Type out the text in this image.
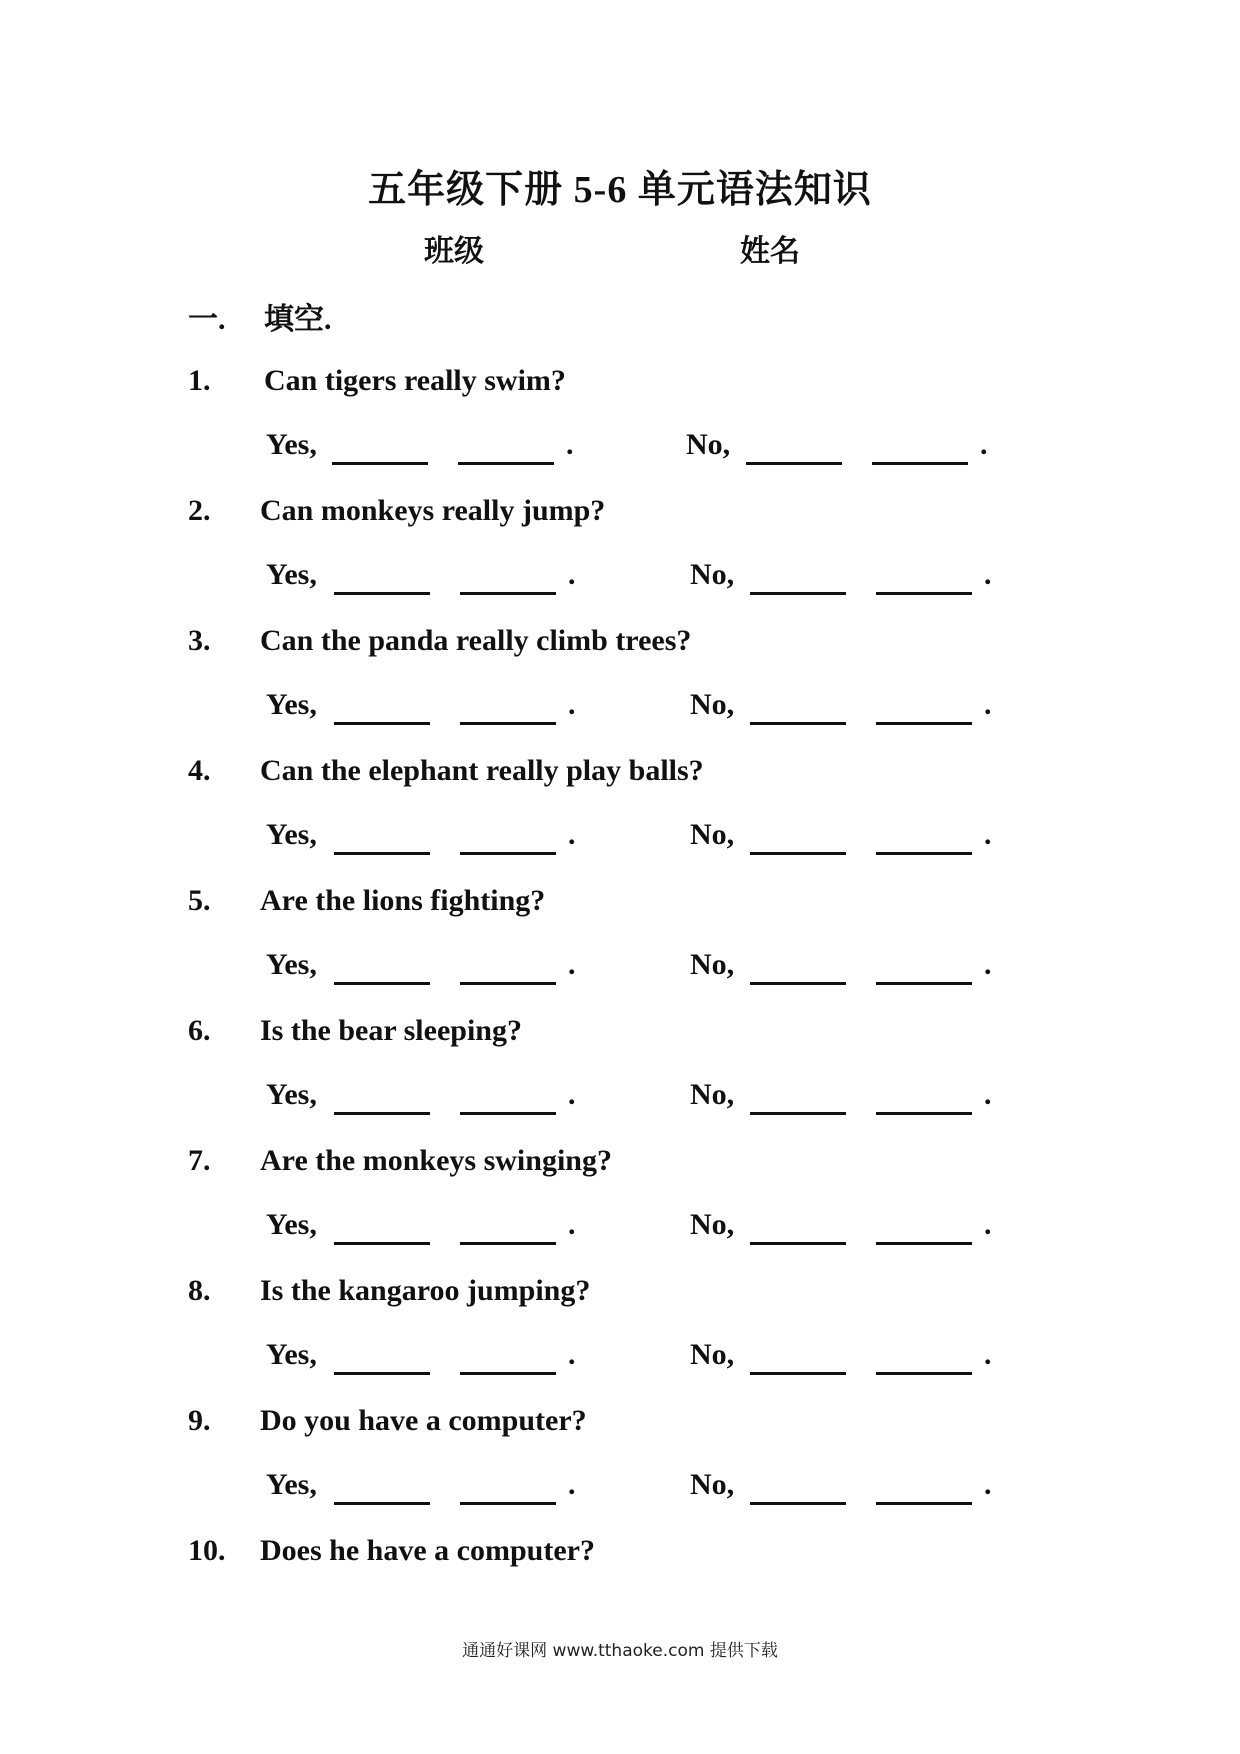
五年级下册 5-6 单元语法知识
班级	姓名
一. 填空.
1. Can tigers really swim?
Yes,	.	No,	.
2. Can monkeys really jump?
Yes,	.	No,	.
3. Can the panda really climb trees?
Yes,	.	No,	.
4. Can the elephant really play balls?
Yes,	.	No,	.
5. Are the lions fighting?
Yes,	.	No,	.
6. Is the bear sleeping?
Yes,	.	No,	.
7. Are the monkeys swinging?
Yes,	.	No,	.
8. Is the kangaroo jumping?
Yes,	.	No,	.
9. Do you have a computer?
Yes,	.	No,	.
10. Does he have a computer?
通通好课网 www.tthaoke.com 提供下载
